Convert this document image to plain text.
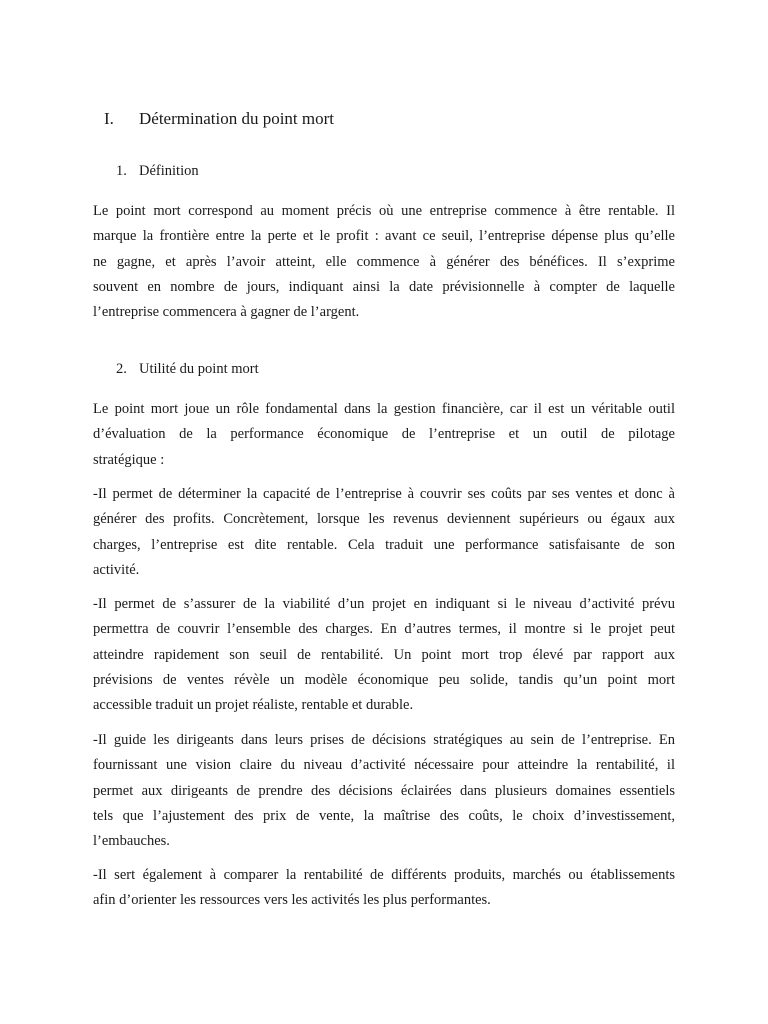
I. Détermination du point mort
1. Définition
Le point mort correspond au moment précis où une entreprise commence à être rentable. Il
marque la frontière entre la perte et le profit : avant ce seuil, l’entreprise dépense plus qu’elle
ne gagne, et après l’avoir atteint, elle commence à générer des bénéfices. Il s’exprime
souvent en nombre de jours, indiquant ainsi la date prévisionnelle à compter de laquelle
l’entreprise commencera à gagner de l’argent.
2. Utilité du point mort
Le point mort joue un rôle fondamental dans la gestion financière, car il est un véritable outil
d’évaluation de la performance économique de l’entreprise et un outil de pilotage
stratégique :
-Il permet de déterminer la capacité de l’entreprise à couvrir ses coûts par ses ventes et donc à
générer des profits. Concrètement, lorsque les revenus deviennent supérieurs ou égaux aux
charges, l’entreprise est dite rentable. Cela traduit une performance satisfaisante de son
activité.
-Il permet de s’assurer de la viabilité d’un projet en indiquant si le niveau d’activité prévu
permettra de couvrir l’ensemble des charges. En d’autres termes, il montre si le projet peut
atteindre rapidement son seuil de rentabilité. Un point mort trop élevé par rapport aux
prévisions de ventes révèle un modèle économique peu solide, tandis qu’un point mort
accessible traduit un projet réaliste, rentable et durable.
-Il guide les dirigeants dans leurs prises de décisions stratégiques au sein de l’entreprise. En
fournissant une vision claire du niveau d’activité nécessaire pour atteindre la rentabilité, il
permet aux dirigeants de prendre des décisions éclairées dans plusieurs domaines essentiels
tels que l’ajustement des prix de vente, la maîtrise des coûts, le choix d’investissement,
l’embauches.
-Il sert également à comparer la rentabilité de différents produits, marchés ou établissements
afin d’orienter les ressources vers les activités les plus performantes.
